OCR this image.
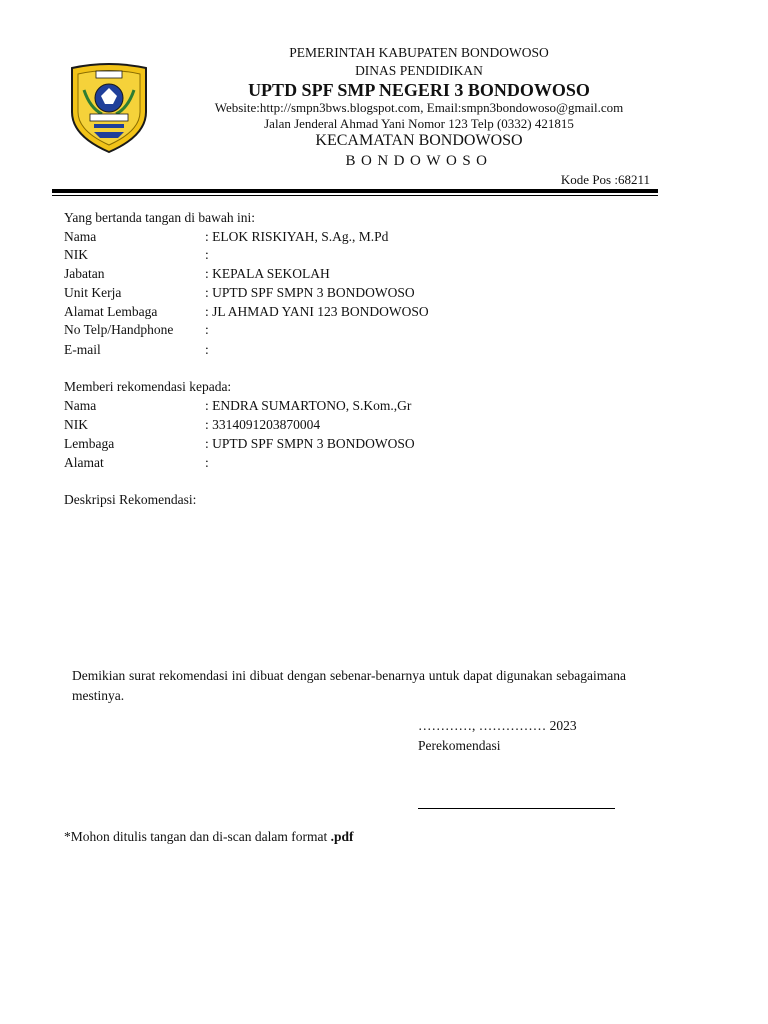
PEMERINTAH KABUPATEN BONDOWOSO
DINAS PENDIDIKAN
UPTD SPF SMP NEGERI 3 BONDOWOSO
Website:http://smpn3bws.blogspot.com, Email:smpn3bondowoso@gmail.com
Jalan Jenderal Ahmad Yani Nomor 123 Telp (0332) 421815
KECAMATAN BONDOWOSO
BONDOWOSO
Kode Pos :68211
Yang bertanda tangan di bawah ini:
Nama	: ELOK RISKIYAH, S.Ag., M.Pd
NIK	:
Jabatan	: KEPALA SEKOLAH
Unit Kerja	: UPTD SPF SMPN 3 BONDOWOSO
Alamat Lembaga	: JL AHMAD YANI 123 BONDOWOSO
No Telp/Handphone :
E-mail	:
Memberi rekomendasi kepada:
Nama	: ENDRA SUMARTONO, S.Kom.,Gr
NIK	: 3314091203870004
Lembaga	: UPTD SPF SMPN 3 BONDOWOSO
Alamat	:
Deskripsi Rekomendasi:
Demikian surat rekomendasi ini dibuat dengan sebenar-benarnya untuk dapat digunakan sebagaimana mestinya.
…………, …………… 2023
Perekomendasi
*Mohon ditulis tangan dan di-scan dalam format .pdf
